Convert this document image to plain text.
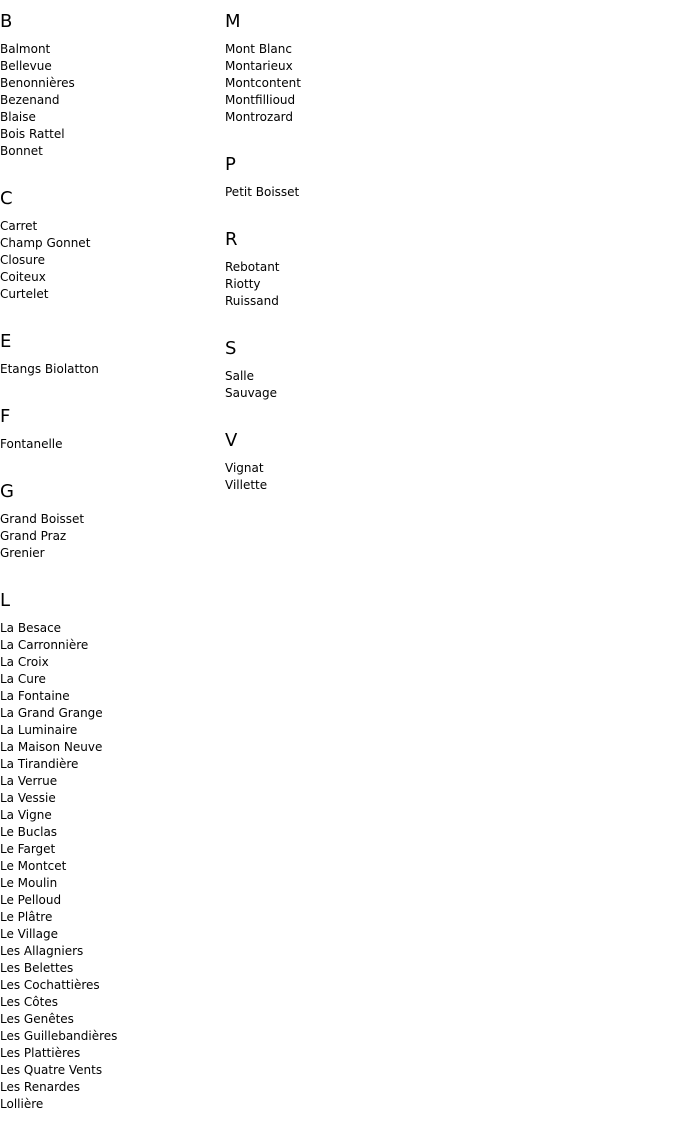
B
Balmont
Bellevue
Benonnières
Bezenand
Blaise
Bois Rattel
Bonnet
C
Carret
Champ Gonnet
Closure
Coiteux
Curtelet
E
Etangs Biolatton
F
Fontanelle
G
Grand Boisset
Grand Praz
Grenier
L
La Besace
La Carronnière
La Croix
La Cure
La Fontaine
La Grand Grange
La Luminaire
La Maison Neuve
La Tirandière
La Verrue
La Vessie
La Vigne
Le Buclas
Le Farget
Le Montcet
Le Moulin
Le Pelloud
Le Plâtre
Le Village
Les Allagniers
Les Belettes
Les Cochattières
Les Côtes
Les Genêtes
Les Guillebandières
Les Plattières
Les Quatre Vents
Les Renardes
Lollière
M
Mont Blanc
Montarieux
Montcontent
Montfillioud
Montrozard
P
Petit Boisset
R
Rebotant
Riotty
Ruissand
S
Salle
Sauvage
V
Vignat
Villette
